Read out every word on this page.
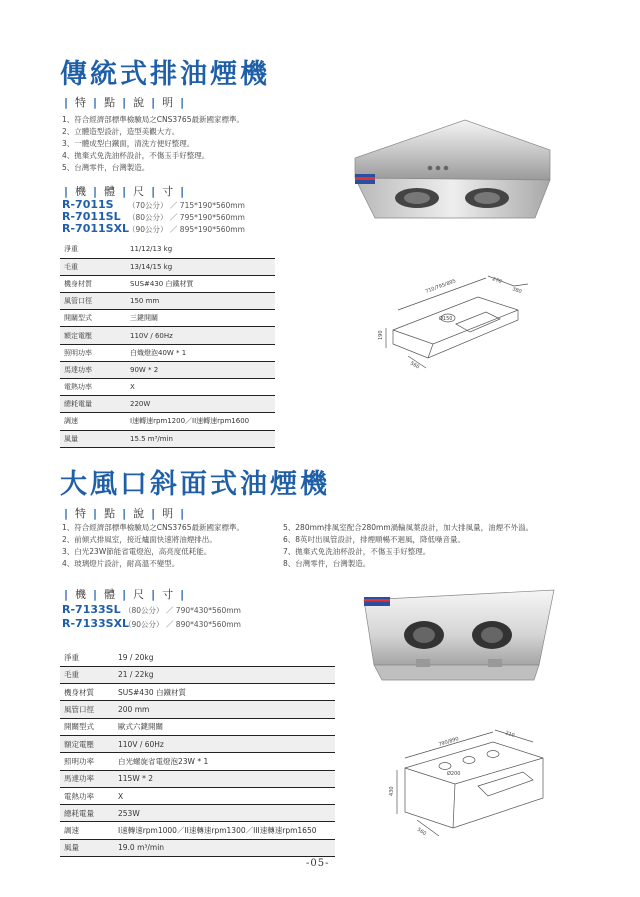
傳統式排油煙機
| 特 | 點 | 說 | 明 |
1、符合經濟部標準檢驗局之CNS3765最新國家標準。
2、立體造型設計，造型美觀大方。
3、一體成型白鐵面，清洗方便好整理。
4、拋棄式免洗油杯設計，不傷玉手好整理。
5、台灣零件，台灣製造。
| 機 | 體 | 尺 | 寸 |
R-7011S （70公分） ／ 715*190*560mm
R-7011SL （80公分） ／ 795*190*560mm
R-7011SXL（90公分） ／ 895*190*560mm
淨重	11/12/13 kg
毛重	13/14/15 kg
機身材質	SUS#430 白鐵材質
風管口徑	150 mm
開關型式	三鍵開關
額定電壓	110V / 60Hz
照明功率	白熾燈泡40W * 1
馬達功率	90W * 2
電熱功率	X
總耗電量	220W
調速	I速轉速rpm1200／II速轉速rpm1600
風量	15.5 m³/min
710/795/895	270
380
190
Ø150
560
大風口斜面式油煙機
| 特 | 點 | 說 | 明 |
1、符合經濟部標準檢驗局之CNS3765最新國家標準。
2、前傾式排風室，接近爐面快速將油煙排出。
3、白光23W節能省電燈泡，高亮度低耗能。
4、玻璃燈片設計，耐高溫不變型。
5、280mm排風室配合280mm渦輪風葉設計，加大排風量，油煙不外溢。
6、8英吋出風管設計，排煙順暢不迴風，降低噪音量。
7、拋棄式免洗油杯設計，不傷玉手好整理。
8、台灣零件，台灣製造。
| 機 | 體 | 尺 | 寸 |
R-7133SL （80公分） ／ 790*430*560mm
R-7133SXL（90公分） ／ 890*430*560mm
淨重	19 / 20kg
毛重	21 / 22kg
機身材質	SUS#430 白鐵材質
風管口徑	200 mm
開關型式	歐式六鍵開關
額定電壓	110V / 60Hz
照明功率	白光螺旋省電燈泡23W * 1
馬達功率	115W * 2
電熱功率	X
總耗電量	253W
調速	I速轉速rpm1000／II速轉速rpm1300／III速轉速rpm1650
風量	19.0 m³/min
790/890
210
430
Ø200
560
-05-
